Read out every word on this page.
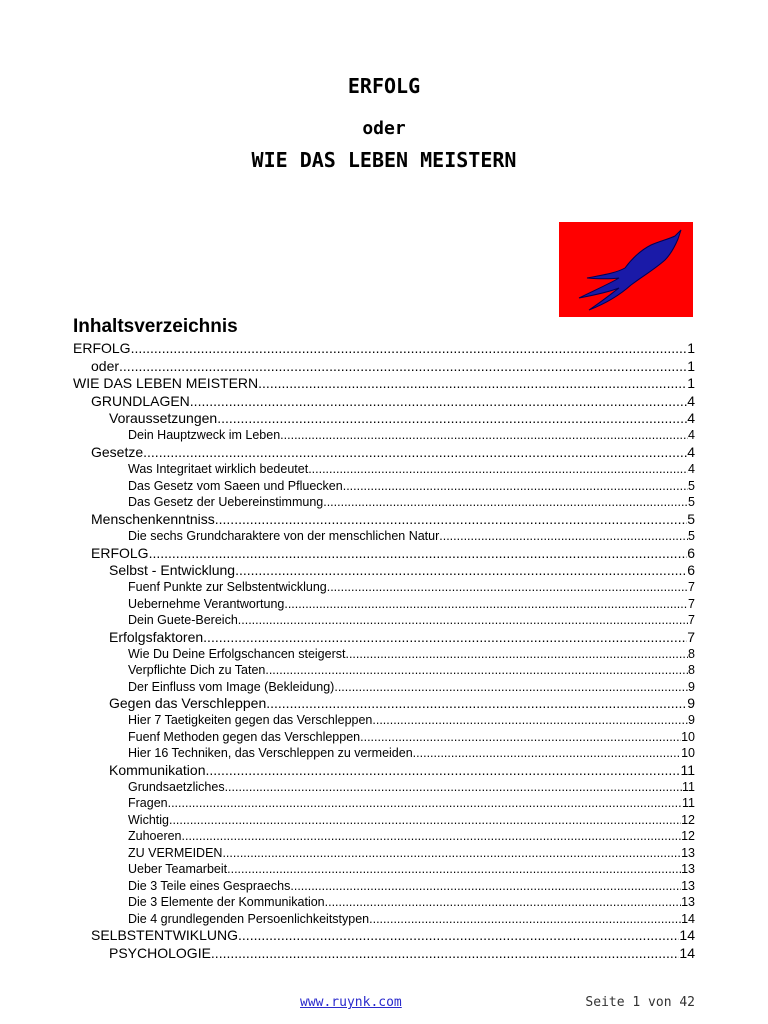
ERFOLG
oder
WIE DAS LEBEN MEISTERN
Inhaltsverzeichnis
ERFOLG .....	1
oder .....	1
WIE DAS LEBEN MEISTERN .....	1
GRUNDLAGEN .....	4
Voraussetzungen .....	4
Dein Hauptzweck im Leben .....	4
Gesetze .....	4
Was Integritaet wirklich bedeutet .....	4
Das Gesetz vom Saeen und Pfluecken .....	5
Das Gesetz der Uebereinstimmung .....	5
Menschenkenntniss .....	5
Die sechs Grundcharaktere von der menschlichen Natur .....	5
ERFOLG .....	6
Selbst - Entwicklung .....	6
Fuenf Punkte zur Selbstentwicklung .....	7
Uebernehme Verantwortung .....	7
Dein Guete-Bereich .....	7
Erfolgsfaktoren .....	7
Wie Du Deine Erfolgschancen steigerst .....	8
Verpflichte Dich zu Taten .....	8
Der Einfluss vom Image (Bekleidung) .....	9
Gegen das Verschleppen .....	9
Hier 7 Taetigkeiten gegen das Verschleppen .....	9
Fuenf Methoden gegen das Verschleppen .....	10
Hier 16 Techniken, das Verschleppen zu vermeiden .....	10
Kommunikation .....	11
Grundsaetzliches .....	11
Fragen .....	11
Wichtig .....	12
Zuhoeren .....	12
ZU VERMEIDEN .....	13
Ueber Teamarbeit .....	13
Die 3 Teile eines Gespraechs .....	13
Die 3 Elemente der Kommunikation .....	13
Die 4 grundlegenden Persoenlichkeitstypen .....	14
SELBSTENTWIKLUNG .....	14
PSYCHOLOGIE .....	14
www.ruynk.com	Seite 1 von 42
